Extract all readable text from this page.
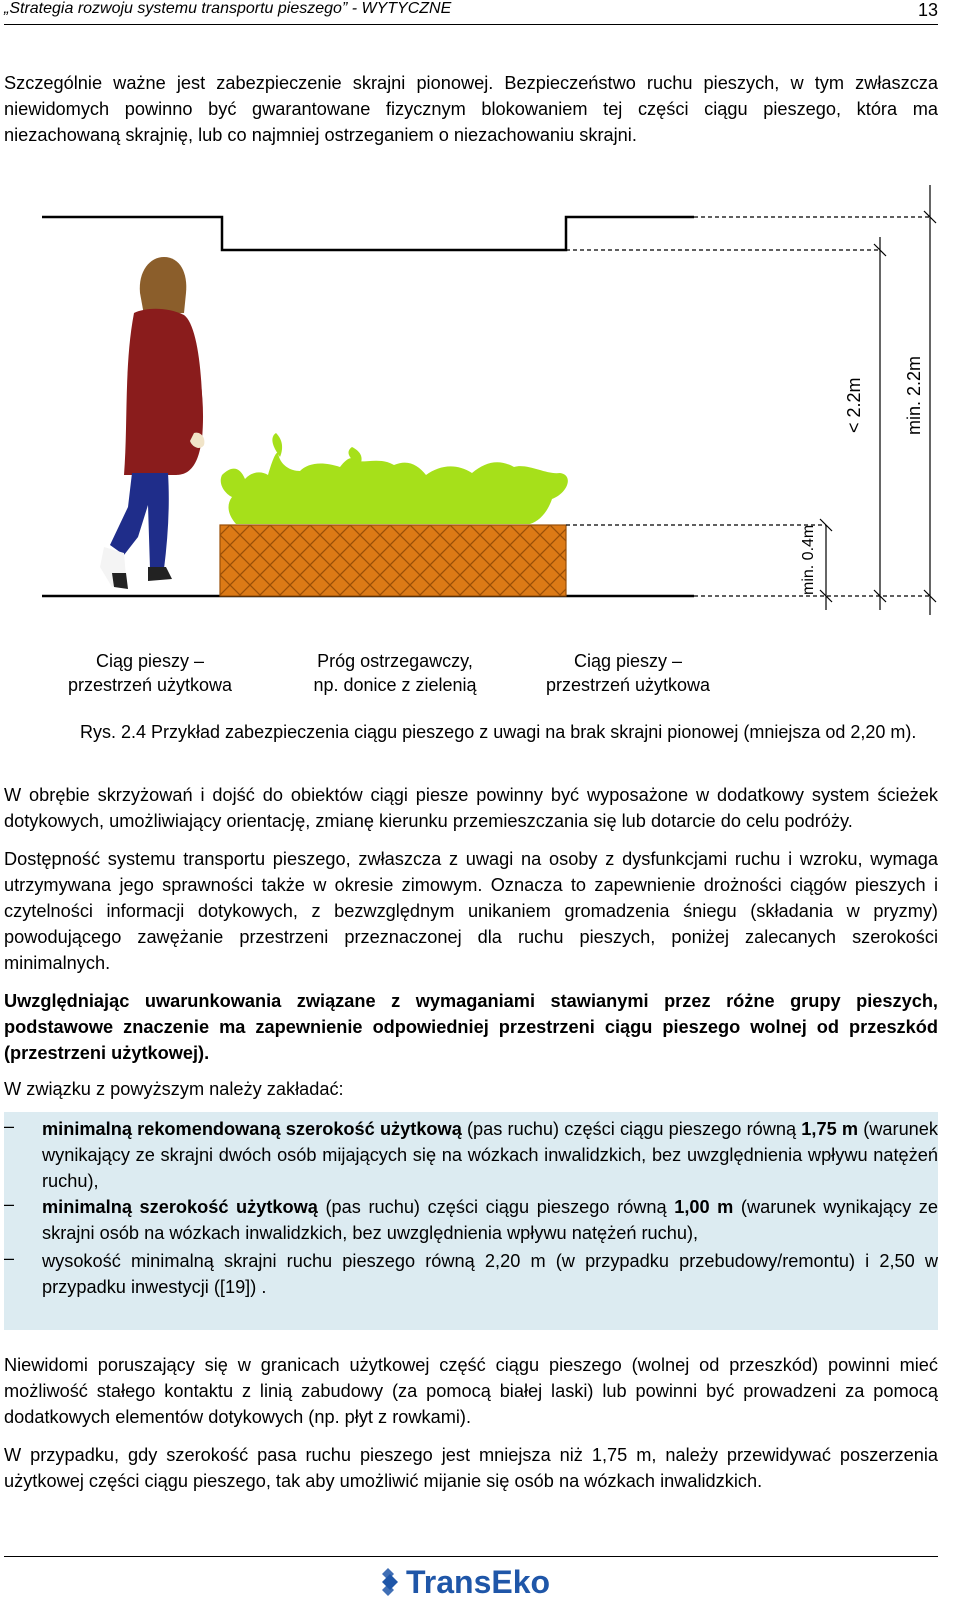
„Strategia rozwoju systemu transportu pieszego” - WYTYCZNE	13

Szczególnie ważne jest zabezpieczenie skrajni pionowej. Bezpieczeństwo ruchu pieszych, w tym zwłaszcza niewidomych powinno być gwarantowane fizycznym blokowaniem tej części ciągu pieszego, która ma niezachowaną skrajnię, lub co najmniej ostrzeganiem o niezachowaniu skrajni.

< 2.2m min. 2.2m
min. 0.4m
Ciąg pieszy –
przestrzeń użytkowa
Próg ostrzegawczy,
np. donice z zielenią
Ciąg pieszy –
przestrzeń użytkowa
Rys. 2.4 Przykład zabezpieczenia ciągu pieszego z uwagi na brak skrajni pionowej (mniejsza od 2,20 m).

W obrębie skrzyżowań i dojść do obiektów ciągi piesze powinny być wyposażone w dodatkowy system ścieżek dotykowych, umożliwiający orientację, zmianę kierunku przemieszczania się lub dotarcie do celu podróży.

Dostępność systemu transportu pieszego, zwłaszcza z uwagi na osoby z dysfunkcjami ruchu i wzroku, wymaga utrzymywana jego sprawności także w okresie zimowym. Oznacza to zapewnienie drożności ciągów pieszych i czytelności informacji dotykowych, z bezwzględnym unikaniem gromadzenia śniegu (składania w pryzmy) powodującego zawężanie przestrzeni przeznaczonej dla ruchu pieszych, poniżej zalecanych szerokości minimalnych.

Uwzględniając uwarunkowania związane z wymaganiami stawianymi przez różne grupy pieszych, podstawowe znaczenie ma zapewnienie odpowiedniej przestrzeni ciągu pieszego wolnej od przeszkód (przestrzeni użytkowej).

W związku z powyższym należy zakładać:

– minimalną rekomendowaną szerokość użytkową (pas ruchu) części ciągu pieszego równą 1,75 m (warunek wynikający ze skrajni dwóch osób mijających się na wózkach inwalidzkich, bez uwzględnienia wpływu natężeń ruchu),
– minimalną szerokość użytkową (pas ruchu) części ciągu pieszego równą 1,00 m (warunek wynikający ze skrajni osób na wózkach inwalidzkich, bez uwzględnienia wpływu natężeń ruchu),
– wysokość minimalną skrajni ruchu pieszego równą 2,20 m (w przypadku przebudowy/remontu) i 2,50 w przypadku inwestycji ([19]) .

Niewidomi poruszający się w granicach użytkowej część ciągu pieszego (wolnej od przeszkód) powinni mieć możliwość stałego kontaktu z linią zabudowy (za pomocą białej laski) lub powinni być prowadzeni za pomocą dodatkowych elementów dotykowych (np. płyt z rowkami).

W przypadku, gdy szerokość pasa ruchu pieszego jest mniejsza niż 1,75 m, należy przewidywać poszerzenia użytkowej części ciągu pieszego, tak aby umożliwić mijanie się osób na wózkach inwalidzkich.

TransEko
